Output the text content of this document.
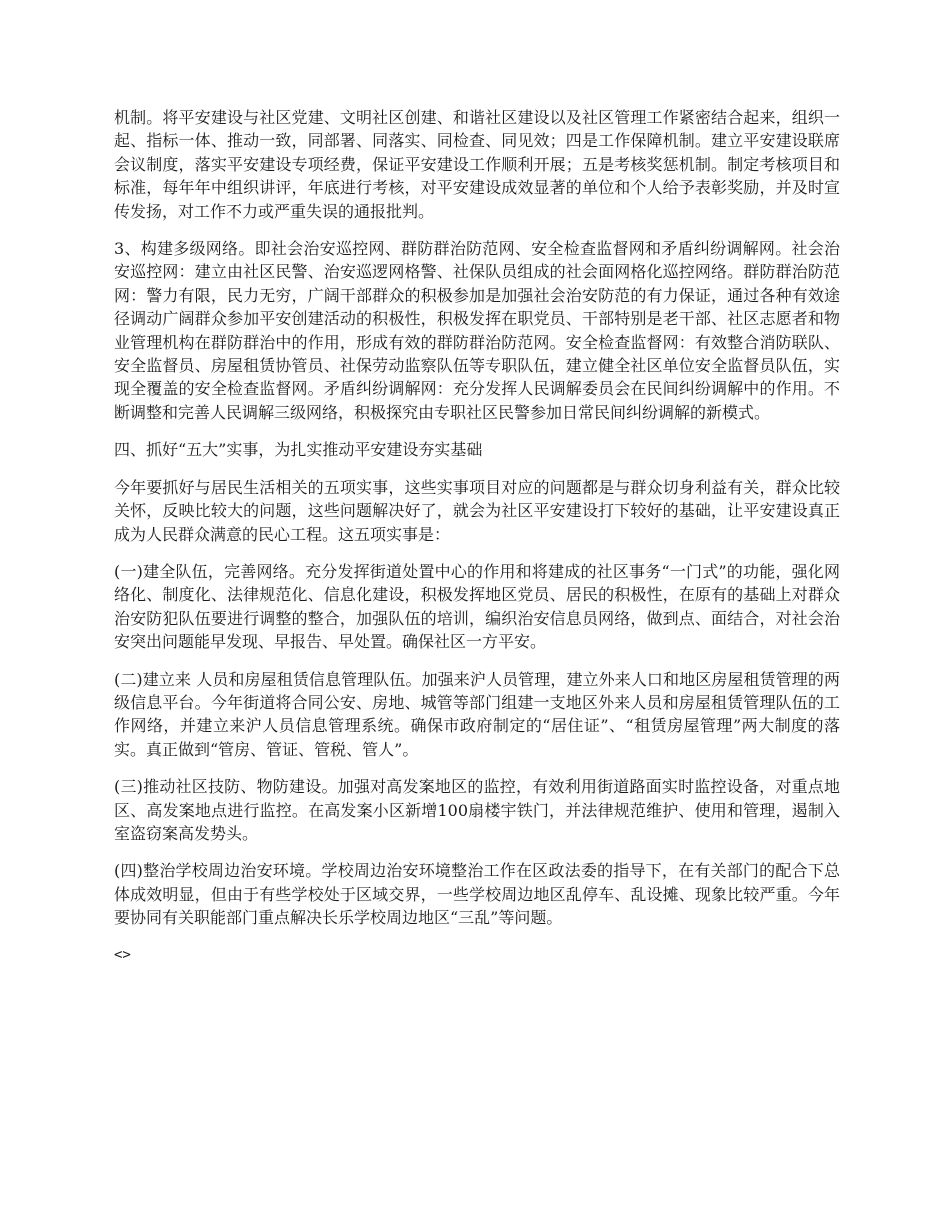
机制。将平安建设与社区党建、文明社区创建、和谐社区建设以及社区管理工作紧密结合起来，组织一起、指标一体、推动一致，同部署、同落实、同检查、同见效；四是工作保障机制。建立平安建设联席会议制度，落实平安建设专项经费，保证平安建设工作顺利开展；五是考核奖惩机制。制定考核项目和标准，每年年中组织讲评，年底进行考核，对平安建设成效显著的单位和个人给予表彰奖励，并及时宣传发扬，对工作不力或严重失误的通报批判。

3、构建多级网络。即社会治安巡控网、群防群治防范网、安全检查监督网和矛盾纠纷调解网。社会治安巡控网：建立由社区民警、治安巡逻网格警、社保队员组成的社会面网格化巡控网络。群防群治防范网：警力有限，民力无穷，广阔干部群众的积极参加是加强社会治安防范的有力保证，通过各种有效途径调动广阔群众参加平安创建活动的积极性，积极发挥在职党员、干部特别是老干部、社区志愿者和物业管理机构在群防群治中的作用，形成有效的群防群治防范网。安全检查监督网：有效整合消防联队、安全监督员、房屋租赁协管员、社保劳动监察队伍等专职队伍，建立健全社区单位安全监督员队伍，实现全覆盖的安全检查监督网。矛盾纠纷调解网：充分发挥人民调解委员会在民间纠纷调解中的作用。不断调整和完善人民调解三级网络，积极探究由专职社区民警参加日常民间纠纷调解的新模式。

四、抓好“五大”实事，为扎实推动平安建设夯实基础

今年要抓好与居民生活相关的五项实事，这些实事项目对应的问题都是与群众切身利益有关，群众比较关怀，反映比较大的问题，这些问题解决好了，就会为社区平安建设打下较好的基础，让平安建设真正成为人民群众满意的民心工程。这五项实事是：

(一)建全队伍，完善网络。充分发挥街道处置中心的作用和将建成的社区事务“一门式”的功能，强化网络化、制度化、法律规范化、信息化建设，积极发挥地区党员、居民的积极性，在原有的基础上对群众治安防犯队伍要进行调整的整合，加强队伍的培训，编织治安信息员网络，做到点、面结合，对社会治安突出问题能早发现、早报告、早处置。确保社区一方平安。

(二)建立来 人员和房屋租赁信息管理队伍。加强来沪人员管理，建立外来人口和地区房屋租赁管理的两级信息平台。今年街道将合同公安、房地、城管等部门组建一支地区外来人员和房屋租赁管理队伍的工作网络，并建立来沪人员信息管理系统。确保市政府制定的“居住证”、“租赁房屋管理”两大制度的落实。真正做到“管房、管证、管税、管人”。

(三)推动社区技防、物防建设。加强对高发案地区的监控，有效利用街道路面实时监控设备，对重点地区、高发案地点进行监控。在高发案小区新增100扇楼宇铁门，并法律规范维护、使用和管理，遏制入室盗窃案高发势头。

(四)整治学校周边治安环境。学校周边治安环境整治工作在区政法委的指导下，在有关部门的配合下总体成效明显，但由于有些学校处于区域交界，一些学校周边地区乱停车、乱设摊、现象比较严重。今年要协同有关职能部门重点解决长乐学校周边地区“三乱”等问题。

<>
